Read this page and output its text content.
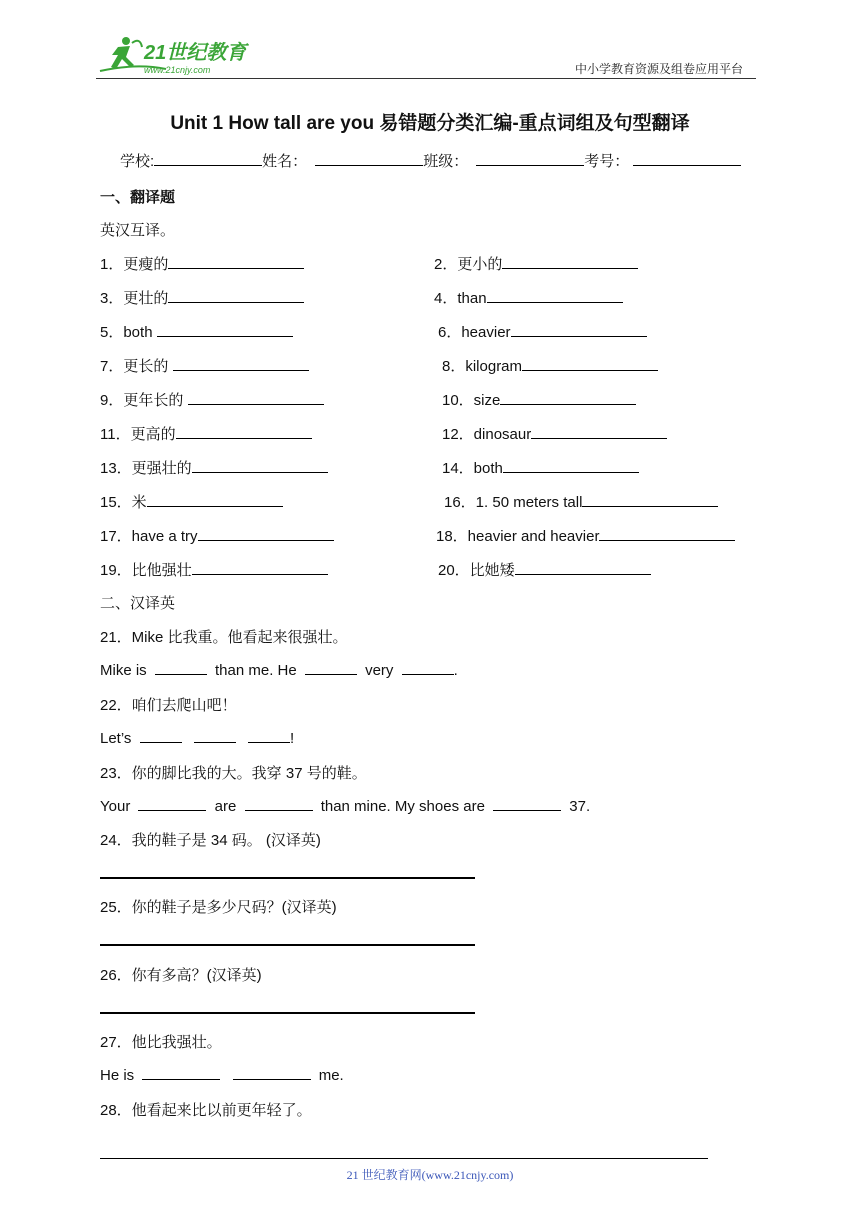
21世纪教育
www.21cnjy.com	中小学教育资源及组卷应用平台
Unit 1 How tall are you 易错题分类汇编-重点词组及句型翻译
学校:	姓名：	班级：	考号：
一、翻译题
英汉互译。
1．更瘦的	2．更小的
3．更壮的	4．than
5．both	6．heavier
7．更长的	8．kilogram
9．更年长的	10．size
11．更高的	12．dinosaur
13．更强壮的	14．both
15．米	16．1. 50 meters tall
17．have a try	18．heavier and heavier
19．比他强壮	20．比她矮
二、汉译英
21．Mike 比我重。他看起来很强壮。
Mike is	than me. He	very	.
22．咱们去爬山吧！
Let’s	!
23．你的脚比我的大。我穿 37 号的鞋。
Your	are	than mine. My shoes are	37.
24．我的鞋子是 34 码。 (汉译英)
25．你的鞋子是多少尺码？(汉译英)
26．你有多高？(汉译英)
27．他比我强壮。
He is	me.
28．他看起来比以前更年轻了。
21 世纪教育网(www.21cnjy.com)
